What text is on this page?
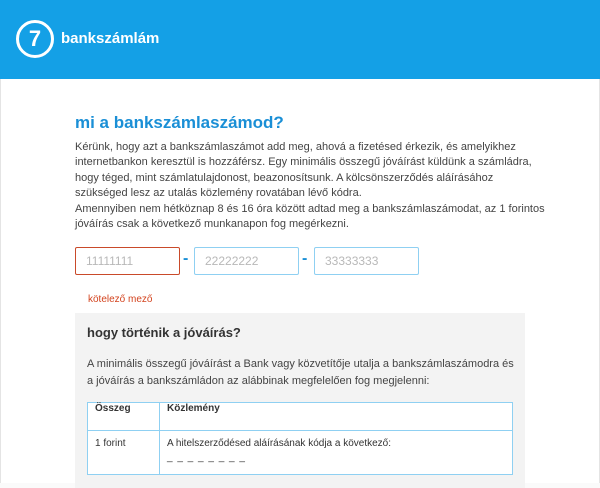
7 bankszámlám
mi a bankszámlaszámod?

Kérünk, hogy azt a bankszámlaszámot add meg, ahová a fizetésed érkezik, és amelyikhez internetbankon keresztül is hozzáférsz. Egy minimális összegű jóváírást küldünk a számládra, hogy téged, mint számlatulajdonost, beazonosítsunk. A kölcsönszerződés aláírásához szükséged lesz az utalás közlemény rovatában lévő kódra.

Amennyiben nem hétköznap 8 és 16 óra között adtad meg a bankszámlaszámodat, az 1 forintos jóváírás csak a következő munkanapon fog megérkezni.

11111111
-
22222222	-
33333333
kötelező mező
hogy történik a jóváírás?
A minimális összegű jóváírást a Bank vagy közvetítője utalja a bankszámlaszámodra és a jóváírás a bankszámládon az alábbinak megfelelően fog megjelenni:
Összeg	Közlemény
1 forint	A hitelszerződésed aláírásának kódja a következő:
_ _ _ _ _ _ _ _
